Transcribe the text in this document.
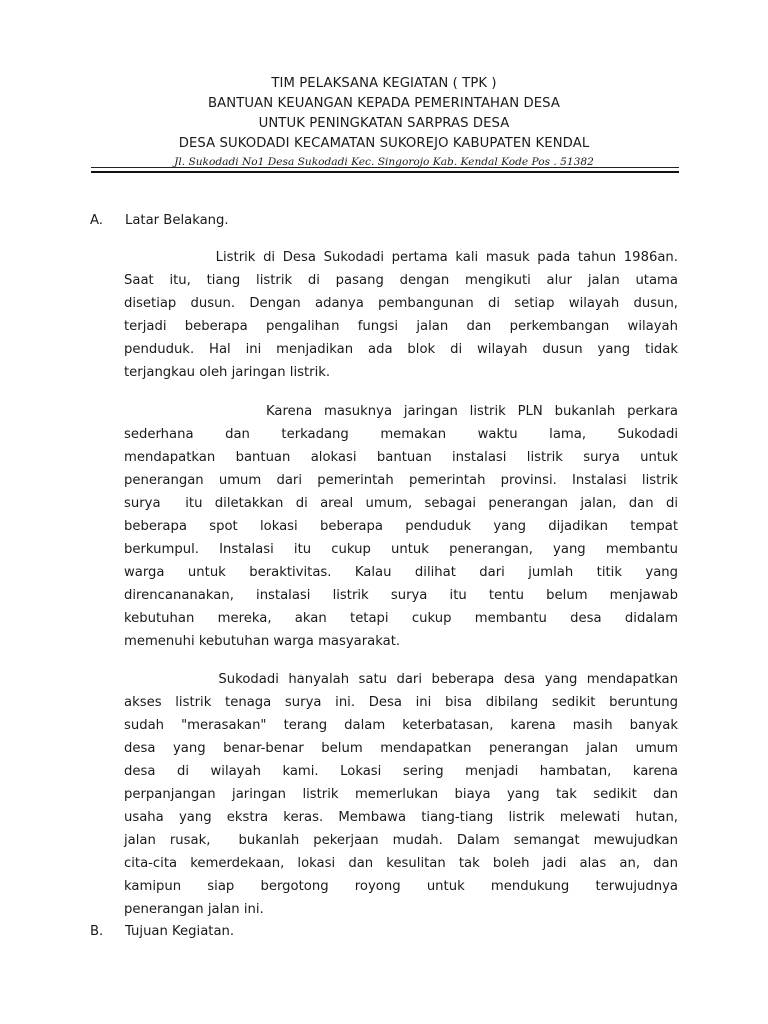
TIM PELAKSANA KEGIATAN ( TPK )
BANTUAN KEUANGAN KEPADA PEMERINTAHAN DESA
UNTUK PENINGKATAN SARPRAS DESA
DESA SUKODADI KECAMATAN SUKOREJO KABUPATEN KENDAL
Jl. Sukodadi No1 Desa Sukodadi Kec. Singorojo Kab. Kendal Kode Pos . 51382
A. Latar Belakang.
Listrik di Desa Sukodadi pertama kali masuk pada tahun 1986an.
Saat itu, tiang listrik di pasang dengan mengikuti alur jalan utama
disetiap dusun. Dengan adanya pembangunan di setiap wilayah dusun,
terjadi beberapa pengalihan fungsi jalan dan perkembangan wilayah
penduduk. Hal ini menjadikan ada blok di wilayah dusun yang tidak
terjangkau oleh jaringan listrik.
Karena masuknya jaringan listrik PLN bukanlah perkara
sederhana dan terkadang memakan waktu lama, Sukodadi
mendapatkan bantuan alokasi bantuan instalasi listrik surya untuk
penerangan umum dari pemerintah pemerintah provinsi. Instalasi listrik
surya  itu diletakkan di areal umum, sebagai penerangan jalan, dan di
beberapa spot lokasi beberapa penduduk yang dijadikan tempat
berkumpul. Instalasi itu cukup untuk penerangan, yang membantu
warga untuk beraktivitas. Kalau dilihat dari jumlah titik yang
direncananakan, instalasi listrik surya itu tentu belum menjawab
kebutuhan mereka, akan tetapi cukup membantu desa didalam
memenuhi kebutuhan warga masyarakat.
Sukodadi hanyalah satu dari beberapa desa yang mendapatkan
akses listrik tenaga surya ini. Desa ini bisa dibilang sedikit beruntung
sudah "merasakan" terang dalam keterbatasan, karena masih banyak
desa yang benar-benar belum mendapatkan penerangan jalan umum
desa di wilayah kami. Lokasi sering menjadi hambatan, karena
perpanjangan jaringan listrik memerlukan biaya yang tak sedikit dan
usaha yang ekstra keras. Membawa tiang-tiang listrik melewati hutan,
jalan rusak,  bukanlah pekerjaan mudah. Dalam semangat mewujudkan
cita-cita kemerdekaan, lokasi dan kesulitan tak boleh jadi alas an, dan
kamipun siap bergotong royong untuk mendukung terwujudnya
penerangan jalan ini.
B. Tujuan Kegiatan.
